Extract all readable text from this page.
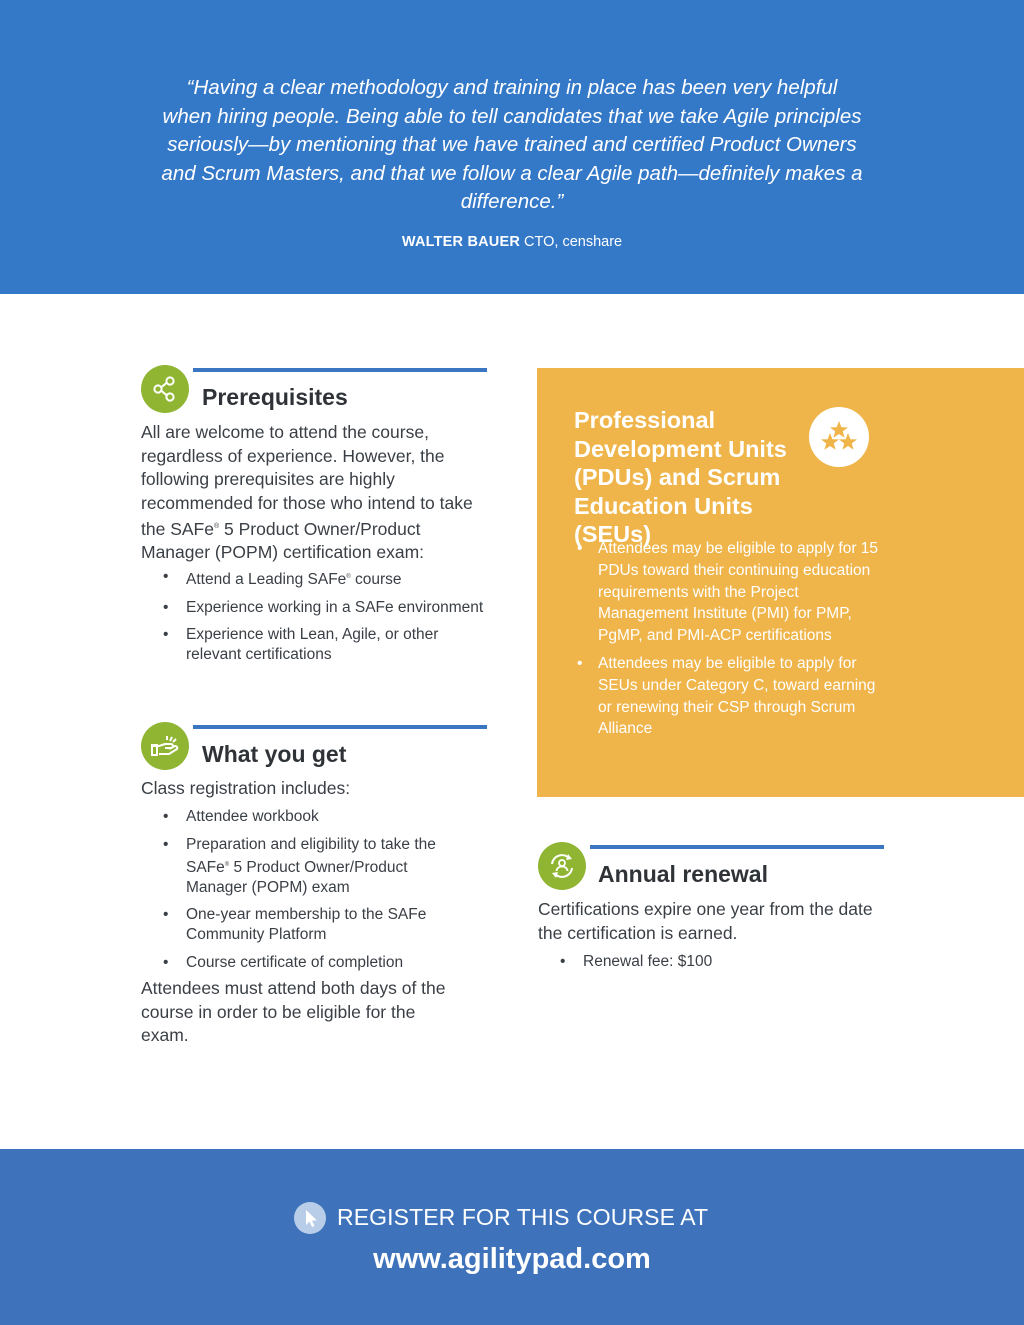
“Having a clear methodology and training in place has been very helpful when hiring people. Being able to tell candidates that we take Agile principles seriously—by mentioning that we have trained and certified Product Owners and Scrum Masters, and that we follow a clear Agile path—definitely makes a difference.”

WALTER BAUER CTO, censhare
Prerequisites

All are welcome to attend the course, regardless of experience. However, the following prerequisites are highly recommended for those who intend to take the SAFe® 5 Product Owner/Product Manager (POPM) certification exam:

• Attend a Leading SAFe® course
• Experience working in a SAFe environment
• Experience with Lean, Agile, or other relevant certifications
What you get

Class registration includes:

• Attendee workbook
• Preparation and eligibility to take the SAFe® 5 Product Owner/Product Manager (POPM) exam
• One-year membership to the SAFe Community Platform
• Course certificate of completion

Attendees must attend both days of the course in order to be eligible for the exam.

Professional Development Units (PDUs) and Scrum Education Units (SEUs)
• Attendees may be eligible to apply for 15 PDUs toward their continuing education requirements with the Project Management Institute (PMI) for PMP, PgMP, and PMI-ACP certifications
• Attendees may be eligible to apply for SEUs under Category C, toward earning or renewing their CSP through Scrum Alliance
Annual renewal

Certifications expire one year from the date the certification is earned.

• Renewal fee: $100
REGISTER FOR THIS COURSE AT
www.agilitypad.com
